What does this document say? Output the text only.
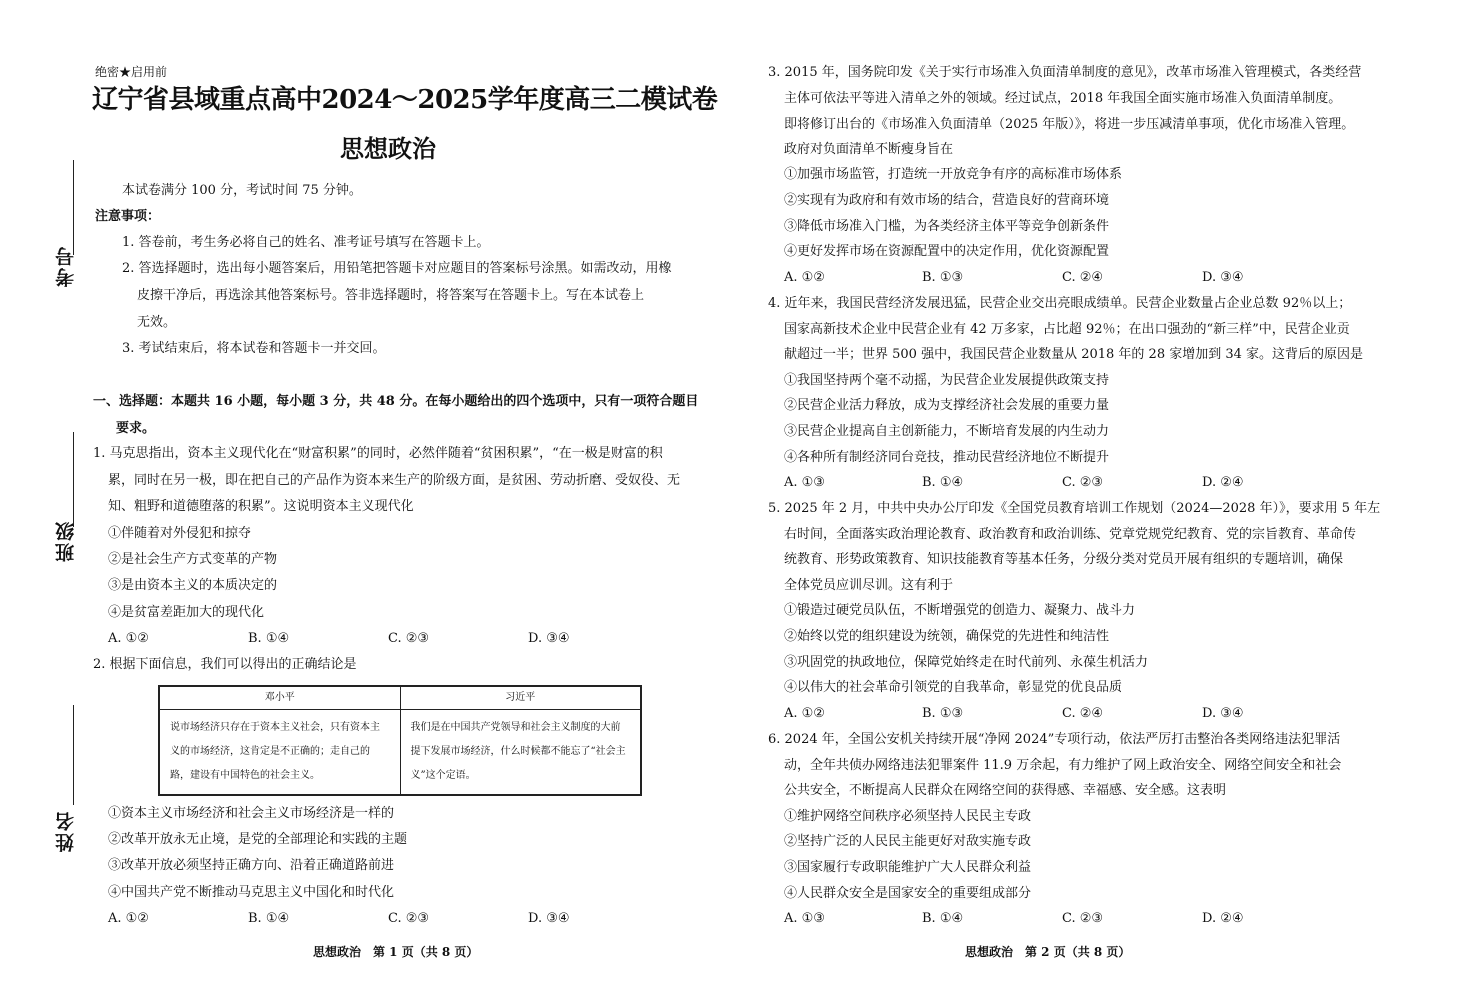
考号
班级
姓名
绝密★启用前
辽宁省县域重点高中2024～2025学年度高三二模试卷
思想政治
本试卷满分 100 分，考试时间 75 分钟。
注意事项：
1. 答卷前，考生务必将自己的姓名、准考证号填写在答题卡上。
2. 答选择题时，选出每小题答案后，用铅笔把答题卡对应题目的答案标号涂黑。如需改动，用橡
皮擦干净后，再选涂其他答案标号。答非选择题时，将答案写在答题卡上。写在本试卷上
无效。
3. 考试结束后，将本试卷和答题卡一并交回。
一、选择题：本题共 16 小题，每小题 3 分，共 48 分。在每小题给出的四个选项中，只有一项符合题目
要求。
1. 马克思指出，资本主义现代化在“财富积累”的同时，必然伴随着“贫困积累”，“在一极是财富的积
累，同时在另一极，即在把自己的产品作为资本来生产的阶级方面，是贫困、劳动折磨、受奴役、无
知、粗野和道德堕落的积累”。这说明资本主义现代化
①伴随着对外侵犯和掠夺
②是社会生产方式变革的产物
③是由资本主义的本质决定的
④是贫富差距加大的现代化
A. ①②	B. ①④	C. ②③	D. ③④
2. 根据下面信息，我们可以得出的正确结论是
邓小平	习近平
说市场经济只存在于资本主义社会，只有资本主义的市场经济，这肯定是不正确的；走自己的路，建设有中国特色的社会主义。	我们是在中国共产党领导和社会主义制度的大前提下发展市场经济，什么时候都不能忘了“社会主义”这个定语。
①资本主义市场经济和社会主义市场经济是一样的
②改革开放永无止境，是党的全部理论和实践的主题
③改革开放必须坚持正确方向、沿着正确道路前进
④中国共产党不断推动马克思主义中国化和时代化
A. ①②	B. ①④	C. ②③	D. ③④
3. 2015 年，国务院印发《关于实行市场准入负面清单制度的意见》，改革市场准入管理模式，各类经营
主体可依法平等进入清单之外的领域。经过试点，2018 年我国全面实施市场准入负面清单制度。
即将修订出台的《市场准入负面清单（2025 年版）》，将进一步压减清单事项，优化市场准入管理。
政府对负面清单不断瘦身旨在
①加强市场监管，打造统一开放竞争有序的高标准市场体系
②实现有为政府和有效市场的结合，营造良好的营商环境
③降低市场准入门槛，为各类经济主体平等竞争创新条件
④更好发挥市场在资源配置中的决定作用，优化资源配置
A. ①②	B. ①③	C. ②④	D. ③④
4. 近年来，我国民营经济发展迅猛，民营企业交出亮眼成绩单。民营企业数量占企业总数 92％以上；
国家高新技术企业中民营企业有 42 万多家，占比超 92％；在出口强劲的“新三样”中，民营企业贡
献超过一半；世界 500 强中，我国民营企业数量从 2018 年的 28 家增加到 34 家。这背后的原因是
①我国坚持两个毫不动摇，为民营企业发展提供政策支持
②民营企业活力释放，成为支撑经济社会发展的重要力量
③民营企业提高自主创新能力，不断培育发展的内生动力
④各种所有制经济同台竞技，推动民营经济地位不断提升
A. ①③	B. ①④	C. ②③	D. ②④
5. 2025 年 2 月，中共中央办公厅印发《全国党员教育培训工作规划（2024—2028 年）》，要求用 5 年左
右时间，全面落实政治理论教育、政治教育和政治训练、党章党规党纪教育、党的宗旨教育、革命传
统教育、形势政策教育、知识技能教育等基本任务，分级分类对党员开展有组织的专题培训，确保
全体党员应训尽训。这有利于
①锻造过硬党员队伍，不断增强党的创造力、凝聚力、战斗力
②始终以党的组织建设为统领，确保党的先进性和纯洁性
③巩固党的执政地位，保障党始终走在时代前列、永葆生机活力
④以伟大的社会革命引领党的自我革命，彰显党的优良品质
A. ①②	B. ①③	C. ②④	D. ③④
6. 2024 年，全国公安机关持续开展“净网 2024”专项行动，依法严厉打击整治各类网络违法犯罪活
动，全年共侦办网络违法犯罪案件 11.9 万余起，有力维护了网上政治安全、网络空间安全和社会
公共安全，不断提高人民群众在网络空间的获得感、幸福感、安全感。这表明
①维护网络空间秩序必须坚持人民民主专政
②坚持广泛的人民民主能更好对敌实施专政
③国家履行专政职能维护广大人民群众利益
④人民群众安全是国家安全的重要组成部分
A. ①③	B. ①④	C. ②③	D. ②④
思想政治　第 1 页（共 8 页）	思想政治　第 2 页（共 8 页）
